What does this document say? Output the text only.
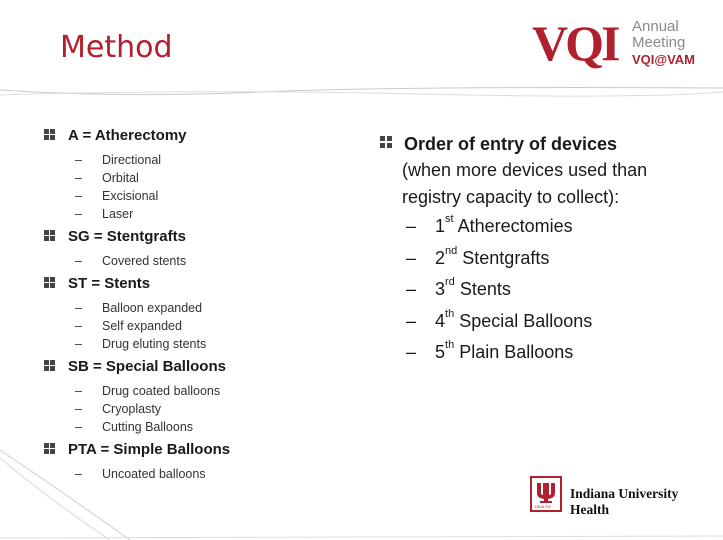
Method	VQI Annual
Meeting
VQI@VAM
A = Atherectomy
– Directional
– Orbital
– Excisional
– Laser
SG = Stentgrafts
– Covered stents
ST = Stents
– Balloon expanded
– Self expanded
– Drug eluting stents
SB = Special Balloons
– Drug coated balloons
– Cryoplasty
– Cutting Balloons
PTA = Simple Balloons
– Uncoated balloons
Order of entry of devices
(when more devices used than
registry capacity to collect):
– 1st Atherectomies
– 2nd Stentgrafts
– 3rd Stents
– 4th Special Balloons
– 5th Plain Balloons
HEALTH
Indiana University Health
